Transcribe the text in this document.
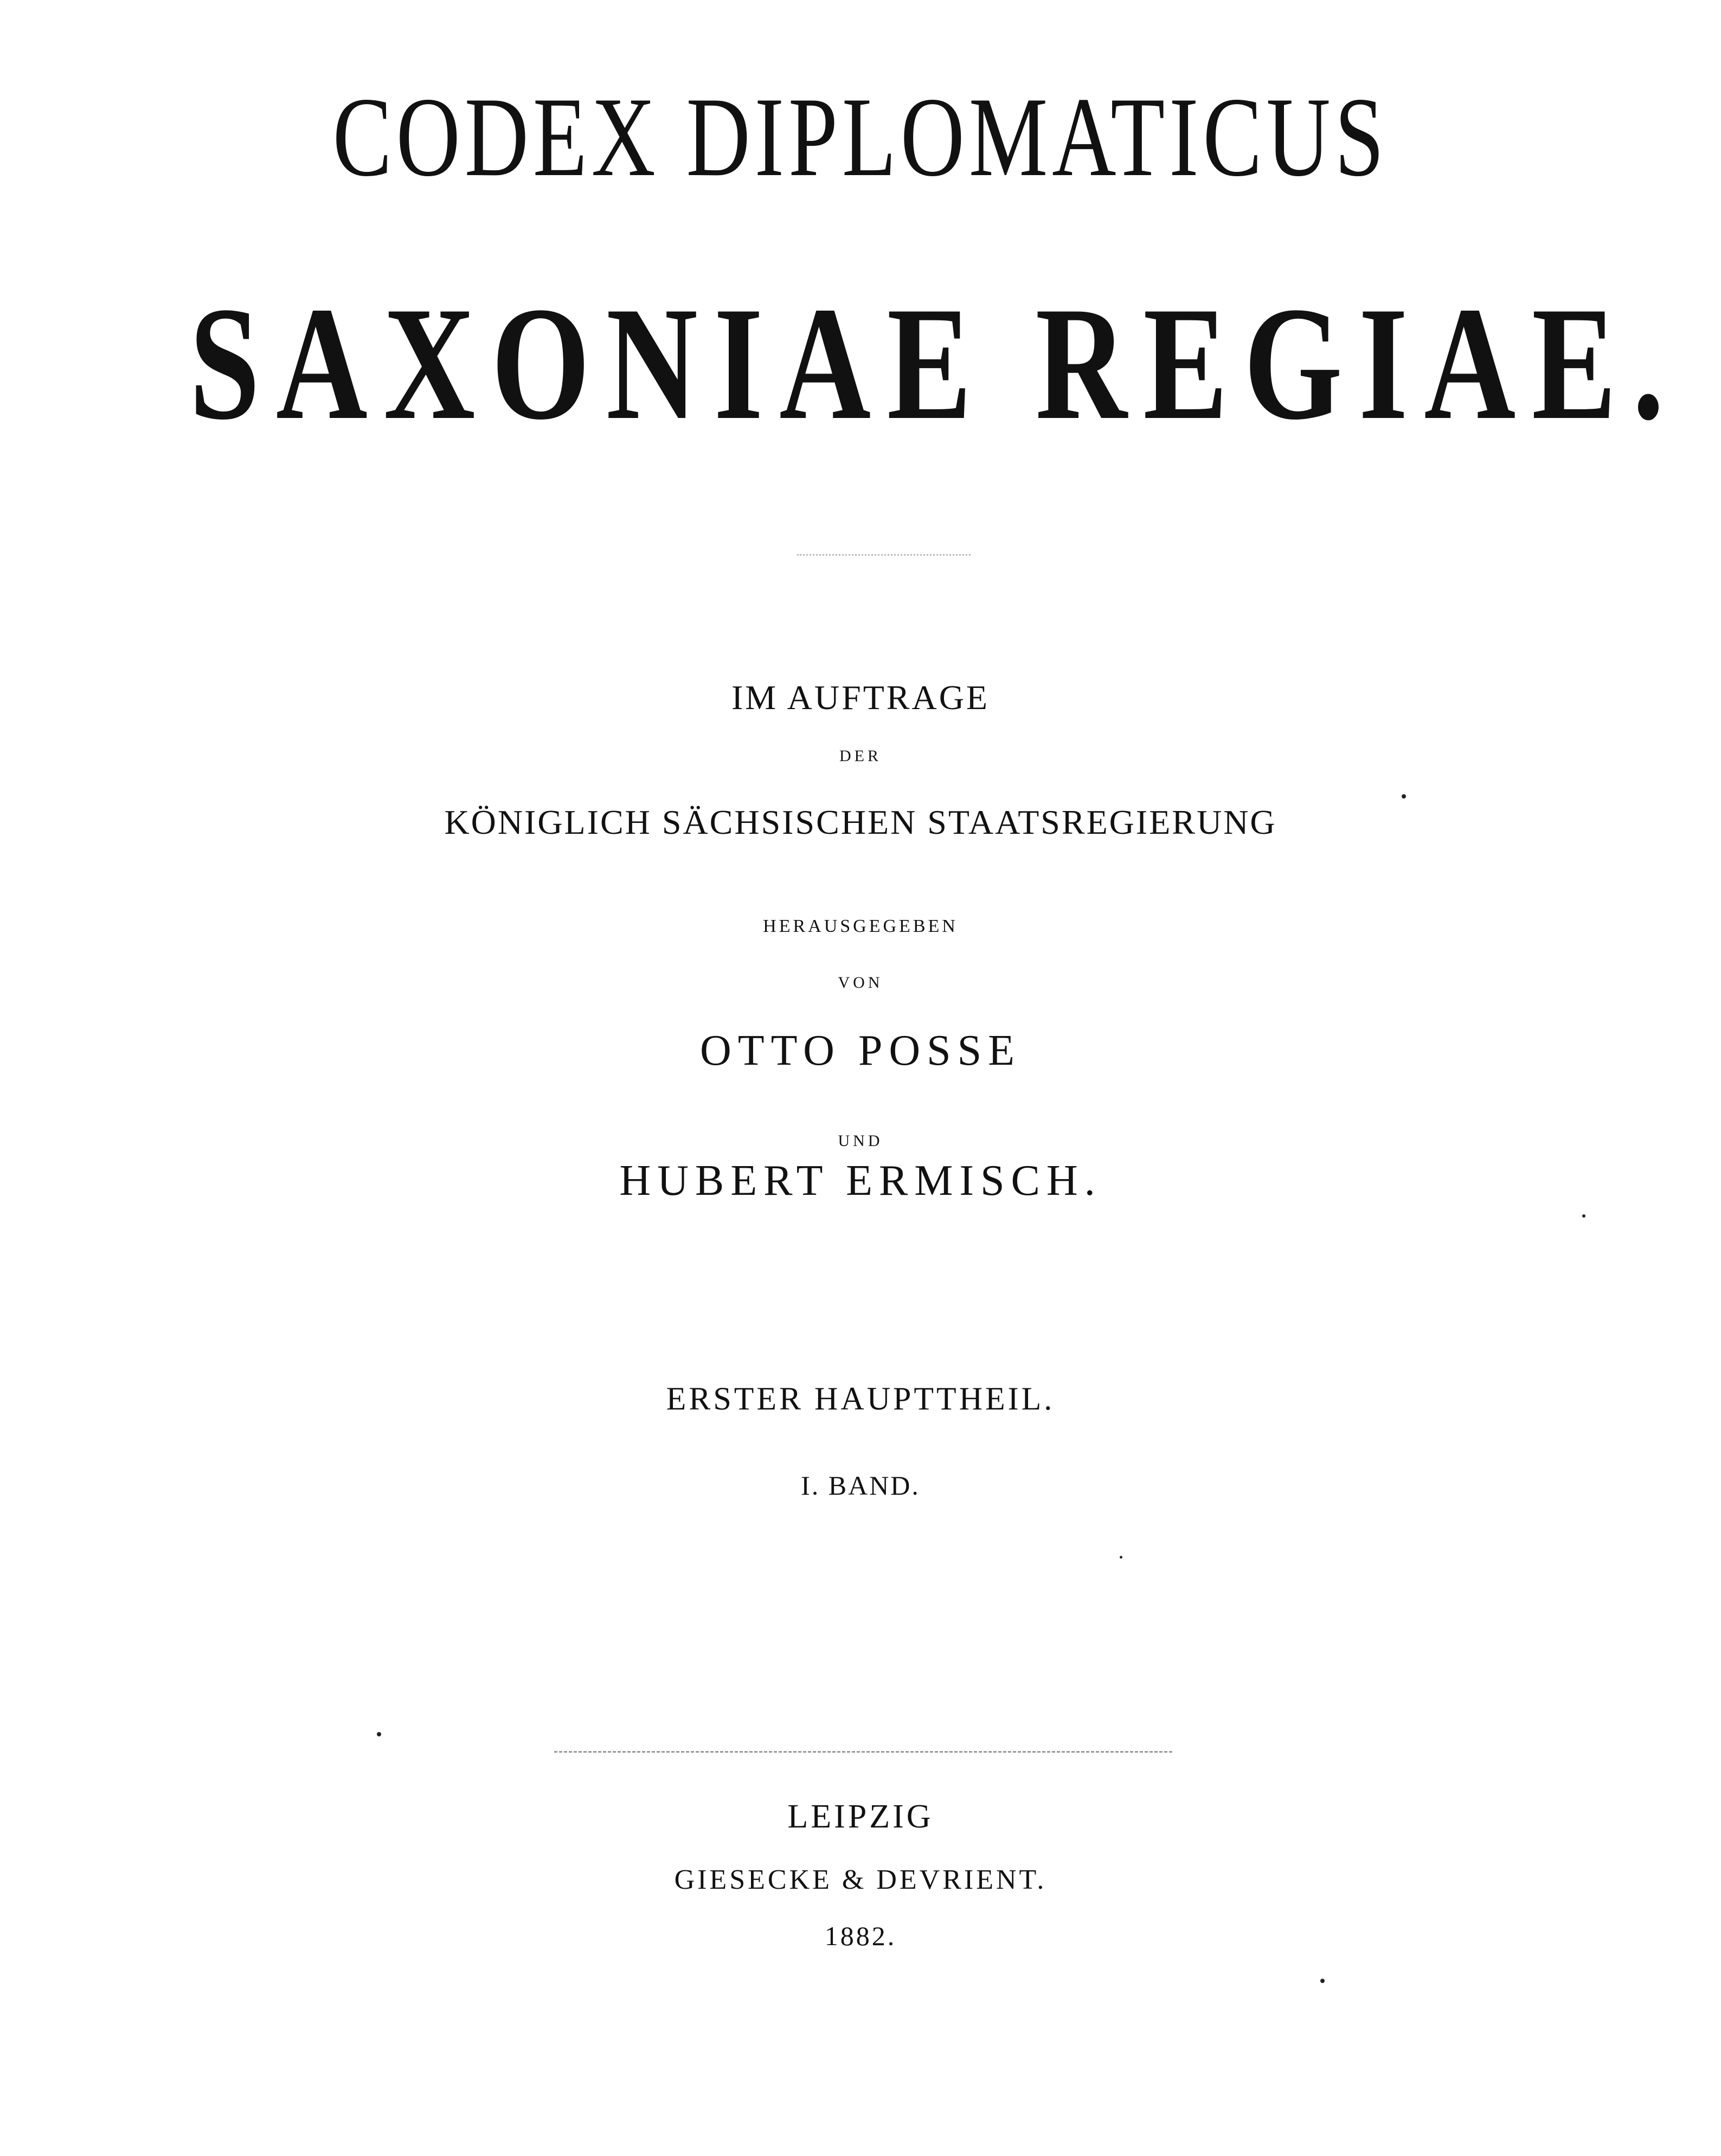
CODEX DIPLOMATICUS
SAXONIAE REGIAE.

IM AUFTRAGE

DER

KÖNIGLICH SÄCHSISCHEN STAATSREGIERUNG

HERAUSGEGEBEN

VON

OTTO POSSE

UND

HUBERT ERMISCH.

ERSTER HAUPTTHEIL.

I. BAND.

LEIPZIG

GIESECKE & DEVRIENT.

1882.
